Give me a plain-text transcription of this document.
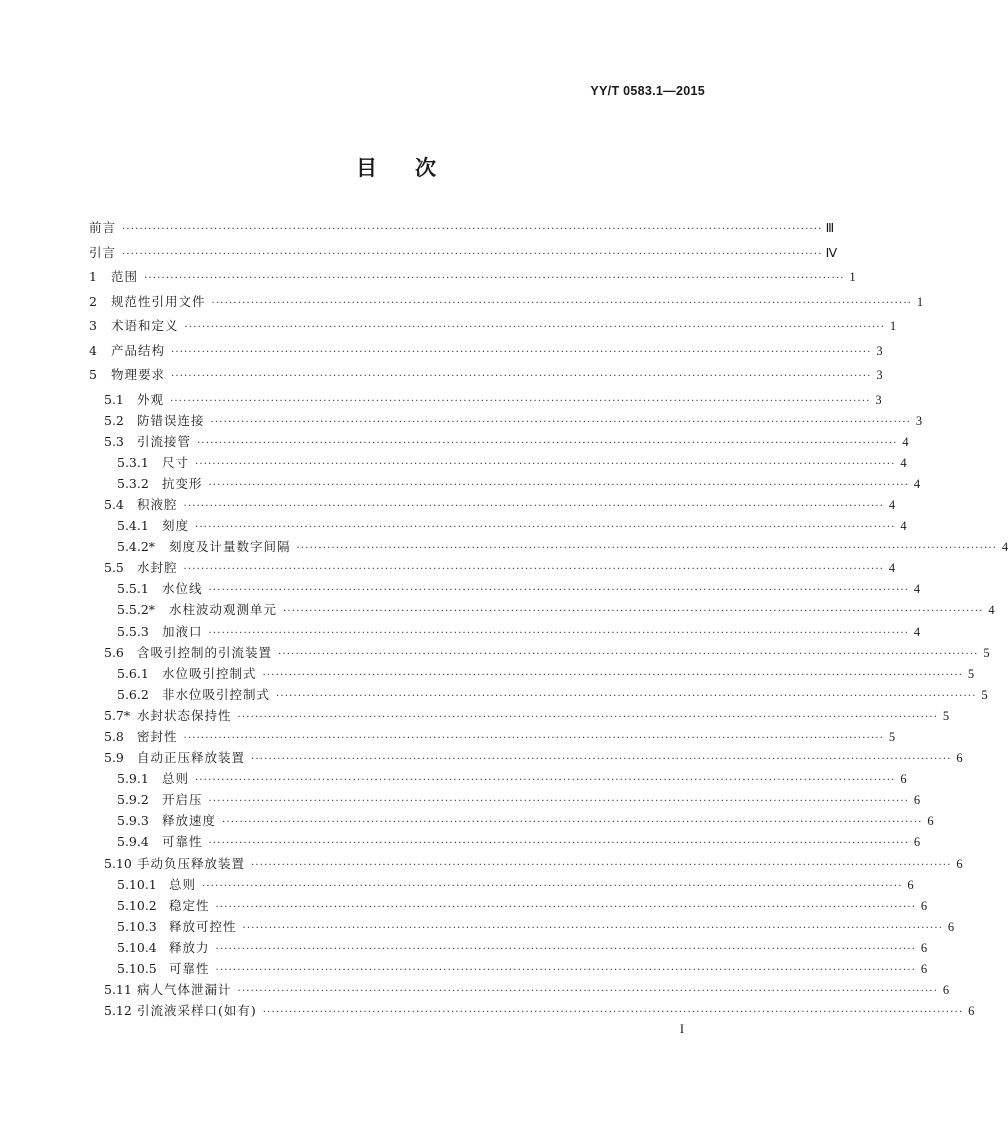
YY/T 0583.1—2015
目 次
前言 ································································································································································ Ⅲ
引言 ································································································································································ Ⅳ
1	范围 ································································································································································ 1
2	规范性引用文件 ································································································································································ 1
3	术语和定义 ································································································································································ 1
4	产品结构 ································································································································································ 3
5	物理要求 ································································································································································ 3
5.1	外观 ································································································································································ 3
5.2	防错误连接 ································································································································································ 3
5.3	引流接管 ································································································································································ 4
5.3.1	尺寸 ································································································································································ 4
5.3.2	抗变形 ································································································································································ 4
5.4	积液腔 ································································································································································ 4
5.4.1	刻度 ································································································································································ 4
5.4.2*	刻度及计量数字间隔 ································································································································································ 4
5.5	水封腔 ································································································································································ 4
5.5.1	水位线 ································································································································································ 4
5.5.2*	水柱波动观测单元 ································································································································································ 4
5.5.3	加液口 ································································································································································ 4
5.6	含吸引控制的引流装置 ································································································································································ 5
5.6.1	水位吸引控制式 ································································································································································ 5
5.6.2	非水位吸引控制式 ································································································································································ 5
5.7* 水封状态保持性 ································································································································································ 5
5.8	密封性 ································································································································································ 5
5.9	自动正压释放装置 ································································································································································ 6
5.9.1	总则 ································································································································································ 6
5.9.2	开启压 ································································································································································ 6
5.9.3	释放速度 ································································································································································ 6
5.9.4	可靠性 ································································································································································ 6
5.10 手动负压释放装置 ································································································································································ 6
5.10.1 总则 ································································································································································ 6
5.10.2 稳定性 ································································································································································ 6
5.10.3 释放可控性 ································································································································································ 6
5.10.4 释放力 ································································································································································ 6
5.10.5 可靠性 ································································································································································ 6
5.11 病人气体泄漏计 ································································································································································ 6
5.12 引流液采样口(如有) ································································································································································ 6
I
